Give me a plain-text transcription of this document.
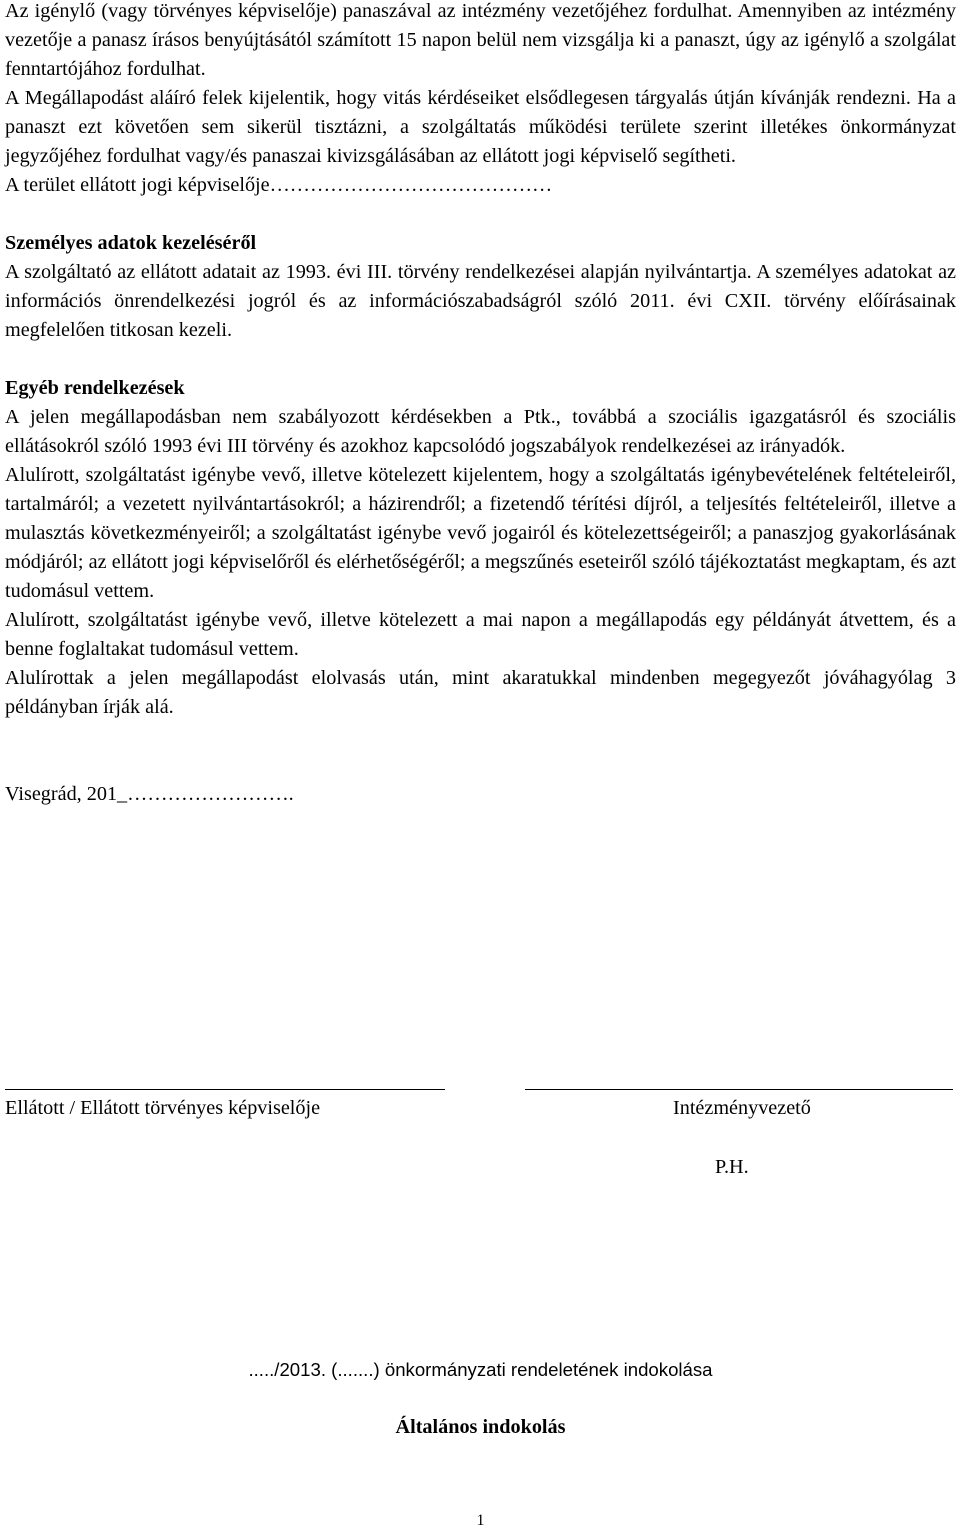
Az igénylő (vagy törvényes képviselője) panaszával az intézmény vezetőjéhez fordulhat. Amennyiben az intézmény vezetője a panasz írásos benyújtásától számított 15 napon belül nem vizsgálja ki a panaszt, úgy az igénylő a szolgálat fenntartójához fordulhat.

A Megállapodást aláíró felek kijelentik, hogy vitás kérdéseiket elsődlegesen tárgyalás útján kívánják rendezni. Ha a panaszt ezt követően sem sikerül tisztázni, a szolgáltatás működési területe szerint illetékes önkormányzat jegyzőjéhez fordulhat vagy/és panaszai kivizsgálásában az ellátott jogi képviselő segítheti.

A terület ellátott jogi képviselője……………………………………

Személyes adatok kezeléséről

A szolgáltató az ellátott adatait az 1993. évi III. törvény rendelkezései alapján nyilvántartja. A személyes adatokat az információs önrendelkezési jogról és az információszabadságról szóló 2011. évi CXII. törvény előírásainak megfelelően titkosan kezeli.

Egyéb rendelkezések

A jelen megállapodásban nem szabályozott kérdésekben a Ptk., továbbá a szociális igazgatásról és szociális ellátásokról szóló 1993 évi III törvény és azokhoz kapcsolódó jogszabályok rendelkezései az irányadók.

Alulírott, szolgáltatást igénybe vevő, illetve kötelezett kijelentem, hogy a szolgáltatás igénybevételének feltételeiről, tartalmáról; a vezetett nyilvántartásokról; a házirendről; a fizetendő térítési díjról, a teljesítés feltételeiről, illetve a mulasztás következményeiről; a szolgáltatást igénybe vevő jogairól és kötelezettségeiről; a panaszjog gyakorlásának módjáról; az ellátott jogi képviselőről és elérhetőségéről; a megszűnés eseteiről szóló tájékoztatást megkaptam, és azt tudomásul vettem.

Alulírott, szolgáltatást igénybe vevő, illetve kötelezett a mai napon a megállapodás egy példányát átvettem, és a benne foglaltakat tudomásul vettem.

Alulírottak a jelen megállapodást elolvasás után, mint akaratukkal mindenben megegyezőt jóváhagyólag 3 példányban írják alá.

Visegrád, 201_…………………….

Ellátott / Ellátott törvényes képviselője	Intézményvezető
P.H.
...../2013. (.......) önkormányzati rendeletének indokolása
Általános indokolás
1
